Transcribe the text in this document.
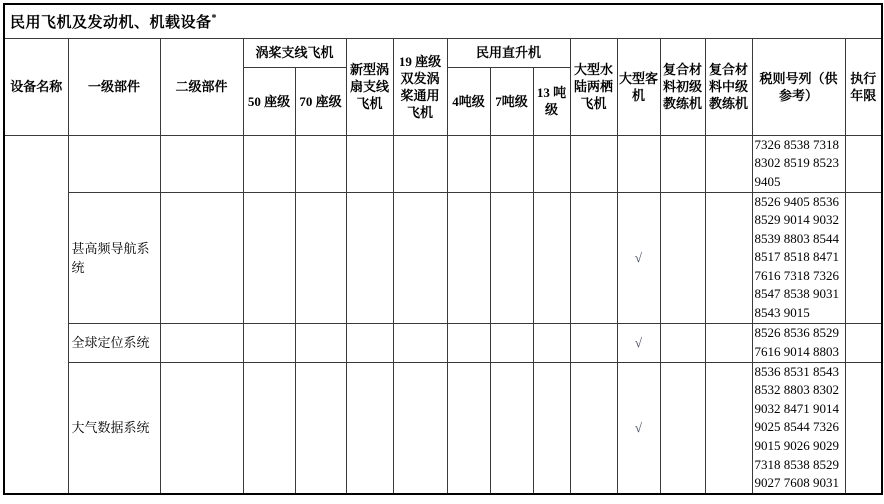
民用飞机及发动机、机载设备*
设备名称	一级部件	二级部件	涡桨支线飞机		新型涡扇支线飞机	19 座级双发涡桨通用飞机	民用直升机			大型水陆两栖飞机	大型客机	复合材料初级教练机	复合材料中级教练机	税则号列（供参考）	执行年限
			50 座级	70 座级			4吨级	7吨级	13 吨级						
														7326 8538 7318 8302 8519 8523 9405	
	甚高频导航系统										√			8526 9405 8536 8529 9014 9032 8539 8803 8544 8517 8518 8471 7616 7318 7326 8547 8538 9031 8543 9015	
	全球定位系统										√			8526 8536 8529 7616 9014 8803	
	大气数据系统										√			8536 8531 8543 8532 8803 8302 9032 8471 9014 9025 8544 7326 9015 9026 9029 7318 8538 8529 9027 7608 9031	
